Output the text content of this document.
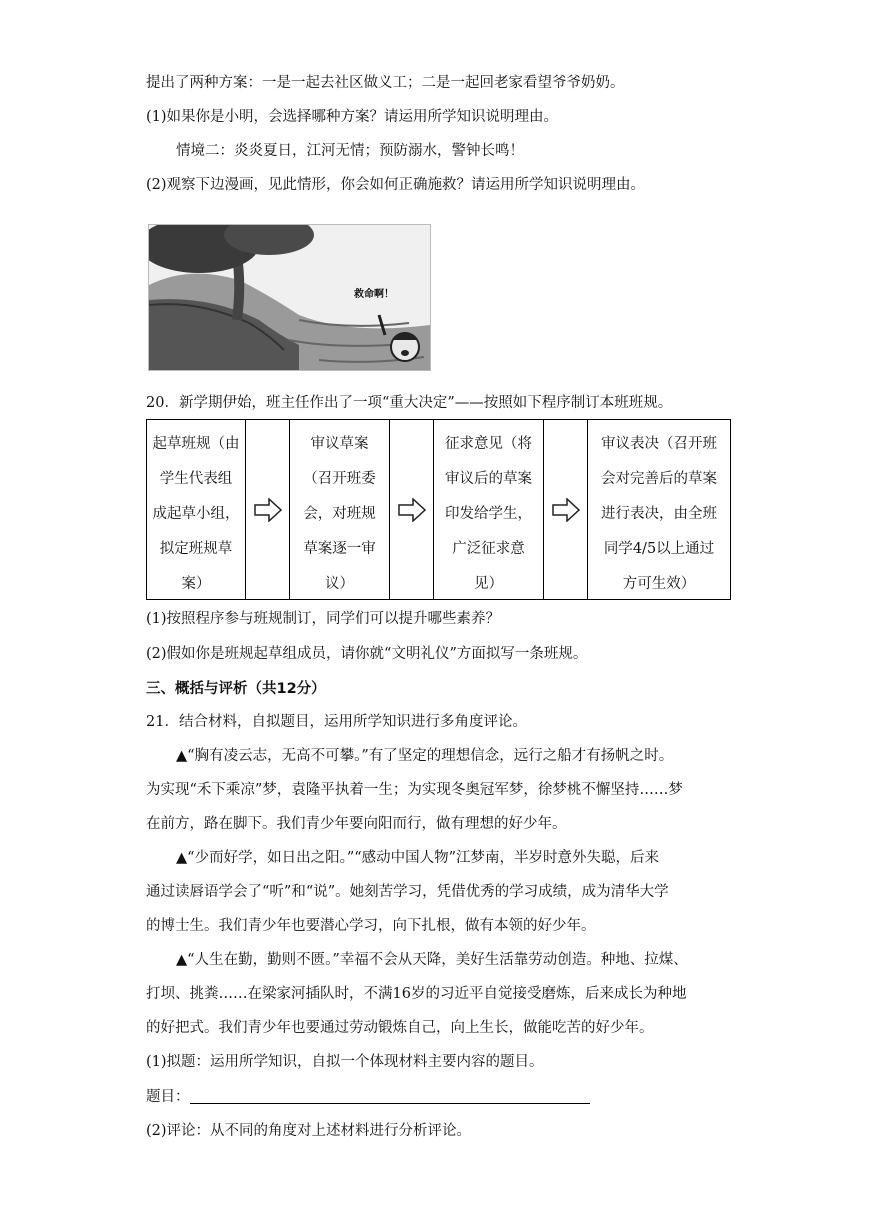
提出了两种方案：一是一起去社区做义工；二是一起回老家看望爷爷奶奶。
(1)如果你是小明，会选择哪种方案？请运用所学知识说明理由。
情境二：炎炎夏日，江河无情；预防溺水，警钟长鸣！
(2)观察下边漫画，见此情形，你会如何正确施救？请运用所学知识说明理由。
救命啊！
20．新学期伊始，班主任作出了一项“重大决定”——按照如下程序制订本班班规。
起草班规（由
学生代表组
成起草小组，
拟定班规草
案）
审议草案
（召开班委
会，对班规
草案逐一审
议）
征求意见（将
审议后的草案
印发给学生，
广泛征求意
见）
审议表决（召开班
会对完善后的草案
进行表决，由全班
同学4/5以上通过
方可生效）
(1)按照程序参与班规制订，同学们可以提升哪些素养？
(2)假如你是班规起草组成员，请你就“文明礼仪”方面拟写一条班规。
三、概括与评析（共12分）
21．结合材料，自拟题目，运用所学知识进行多角度评论。
▲“胸有凌云志，无高不可攀。”有了坚定的理想信念，远行之船才有扬帆之时。
为实现“禾下乘凉”梦，袁隆平执着一生；为实现冬奥冠军梦，徐梦桃不懈坚持……梦
在前方，路在脚下。我们青少年要向阳而行，做有理想的好少年。
▲“少而好学，如日出之阳。”“感动中国人物”江梦南，半岁时意外失聪，后来
通过读唇语学会了“听”和“说”。她刻苦学习，凭借优秀的学习成绩，成为清华大学
的博士生。我们青少年也要潜心学习，向下扎根，做有本领的好少年。
▲“人生在勤，勤则不匮。”幸福不会从天降，美好生活靠劳动创造。种地、拉煤、
打坝、挑粪……在梁家河插队时，不满16岁的习近平自觉接受磨炼，后来成长为种地
的好把式。我们青少年也要通过劳动锻炼自己，向上生长，做能吃苦的好少年。
(1)拟题：运用所学知识，自拟一个体现材料主要内容的题目。
题目：
(2)评论：从不同的角度对上述材料进行分析评论。
